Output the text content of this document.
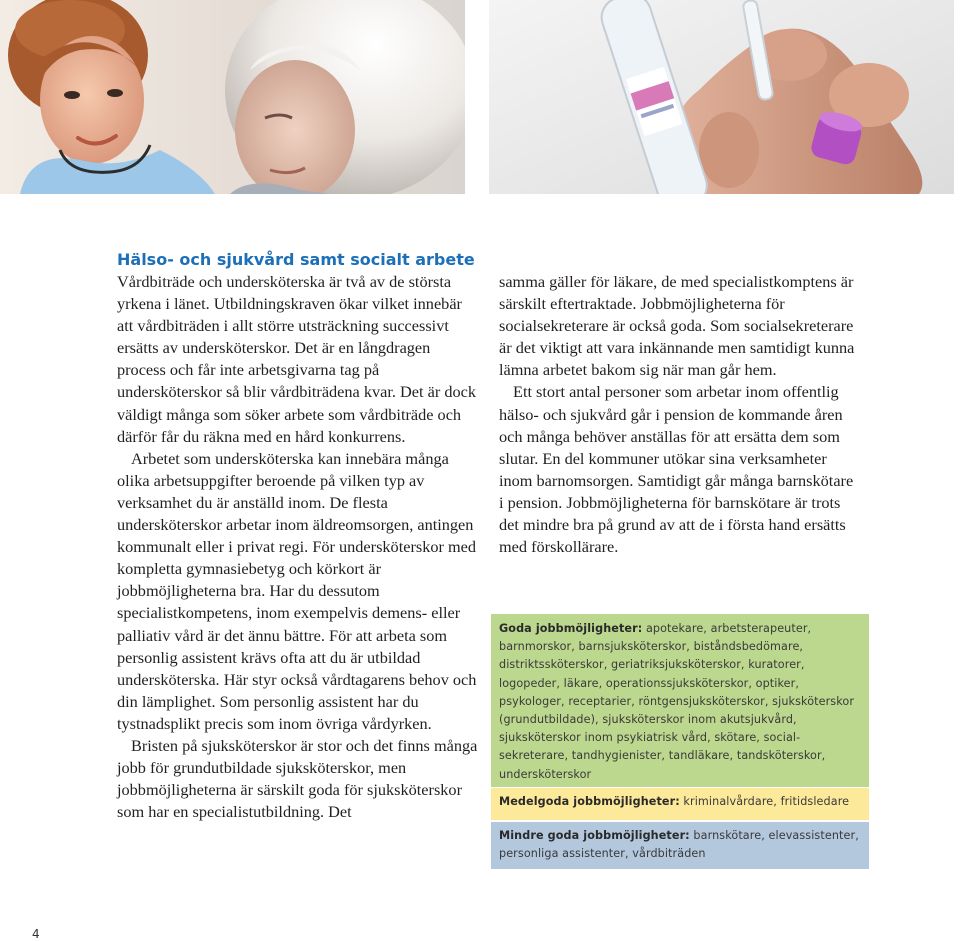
Hälso- och sjukvård samt socialt arbete

Vårdbiträde och undersköterska är två av de största yrkena i länet. Utbildningskraven ökar vilket innebär att vårdbiträden i allt större utsträckning successivt ersätts av undersköterskor. Det är en långdragen process och får inte arbetsgivarna tag på undersköterskor så blir vårdbiträdena kvar. Det är dock väldigt många som söker arbete som vårdbiträde och därför får du räkna med en hård konkurrens.

Arbetet som undersköterska kan innebära många olika arbetsuppgifter beroende på vilken typ av verksamhet du är anställd inom. De flesta undersköterskor arbetar inom äldreomsorgen, antingen kommunalt eller i privat regi. För undersköterskor med kompletta gymnasiebetyg och körkort är jobbmöjligheterna bra. Har du dessutom specialistkompetens, inom exempelvis demens- eller palliativ vård är det ännu bättre. För att arbeta som personlig assistent krävs ofta att du är utbildad undersköterska. Här styr också vårdtagarens behov och din lämplighet. Som personlig assistent har du tystnadsplikt precis som inom övriga vårdyrken.

Bristen på sjuksköterskor är stor och det finns många jobb för grundutbildade sjuksköterskor, men jobbmöjligheterna är särskilt goda för sjuksköterskor som har en specialistutbildning. Det

samma gäller för läkare, de med specialistkomptens är särskilt eftertraktade. Jobbmöjligheterna för socialsekreterare är också goda. Som socialsekreterare är det viktigt att vara inkännande men samtidigt kunna lämna arbetet bakom sig när man går hem.

Ett stort antal personer som arbetar inom offentlig hälso- och sjukvård går i pension de kommande åren och många behöver anställas för att ersätta dem som slutar. En del kommuner utökar sina verksamheter inom barnomsorgen. Samtidigt går många barnskötare i pension. Jobbmöjligheterna för barnskötare är trots det mindre bra på grund av att de i första hand ersätts med förskollärare.

Goda jobbmöjligheter: apotekare, arbetsterapeuter, barnmorskor, barnsjuksköterskor, biståndsbedömare, distriktssköterskor, geriatriksjuksköterskor, kuratorer, logopeder, läkare, operationssjuksköterskor, optiker, psykologer, receptarier, röntgensjuksköterskor, sjuksköterskor (grundutbildade), sjuksköterskor inom akutsjukvård, sjuksköterskor inom psykiatrisk vård, skötare, socialsekreterare, tandhygienister, tandläkare, tandsköterskor, undersköterskor
Medelgoda jobbmöjligheter: kriminalvårdare, fritidsledare
Mindre goda jobbmöjligheter: barnskötare, elevassistenter, personliga assistenter, vårdbiträden
4
